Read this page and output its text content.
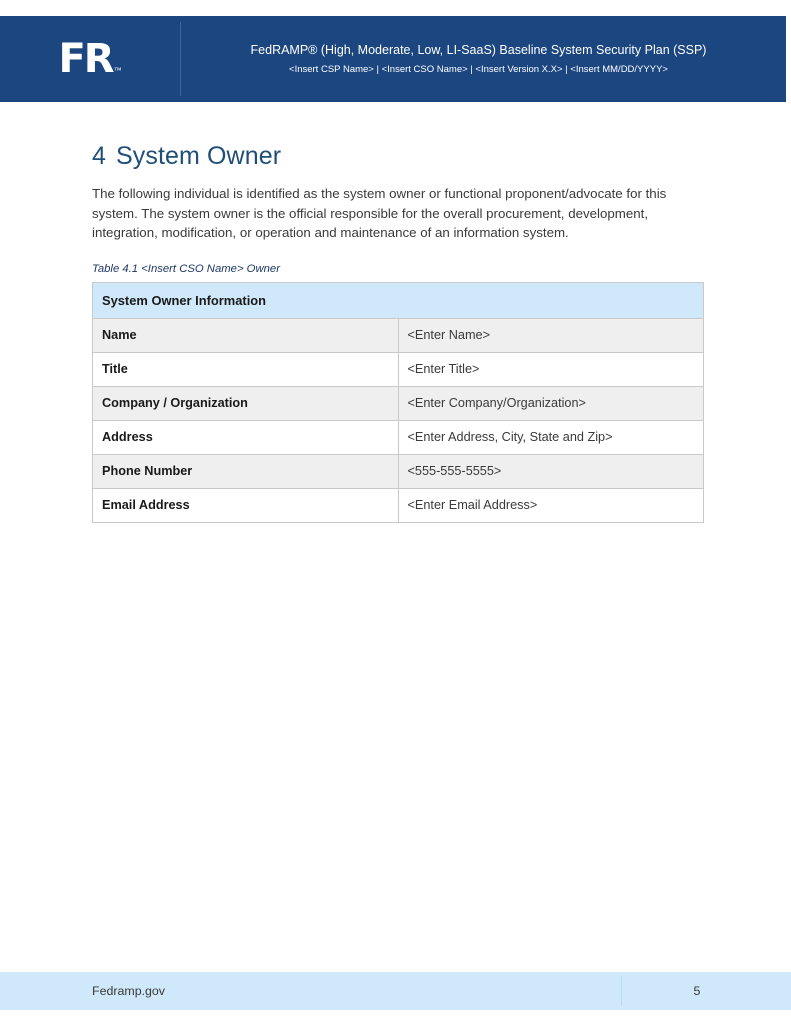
FR ™
FedRAMP® (High, Moderate, Low, LI-SaaS) Baseline System Security Plan (SSP)
<Insert CSP Name> | <Insert CSO Name> | <Insert Version X.X> | <Insert MM/DD/YYYY>
4 System Owner

The following individual is identified as the system owner or functional proponent/advocate for this system. The system owner is the official responsible for the overall procurement, development, integration, modification, or operation and maintenance of an information system.

Table 4.1 <Insert CSO Name> Owner
System Owner Information	
Name	<Enter Name>
Title	<Enter Title>
Company / Organization	<Enter Company/Organization>
Address	<Enter Address, City, State and Zip>
Phone Number	<555-555-5555>
Email Address	<Enter Email Address>
Fedramp.gov	5
